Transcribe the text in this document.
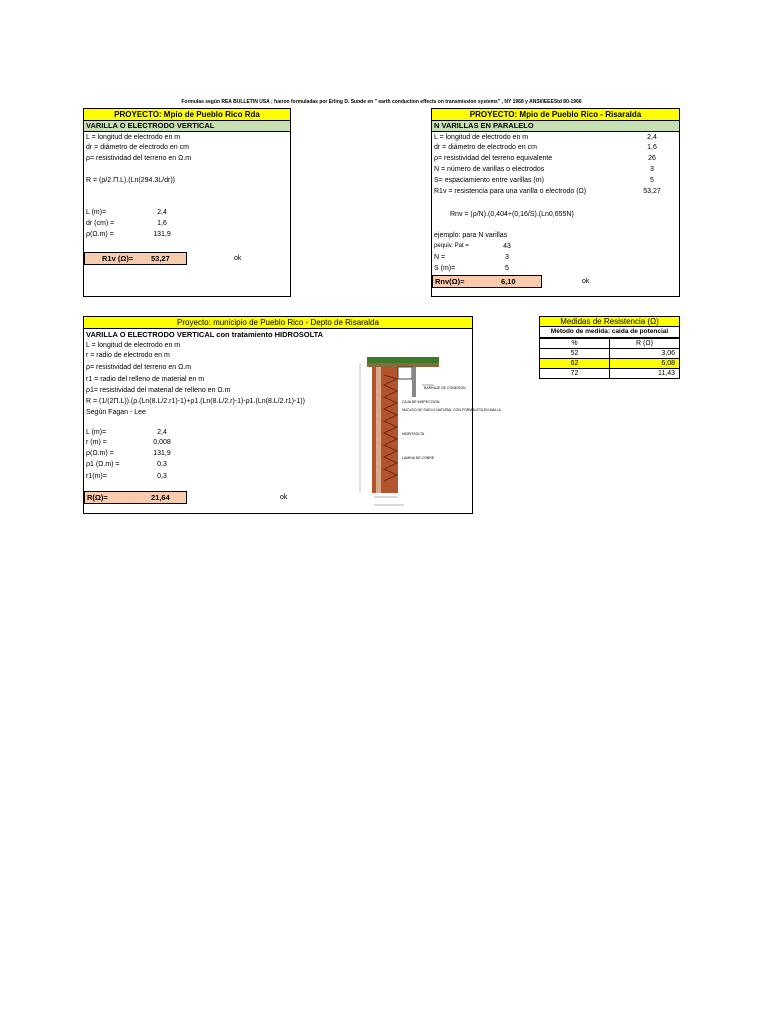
Formulas según REA BULLETIN USA ; fueron formuladas por Erling D. Sunde en " earth conduction effects on transmission systems" , NY 1968 y ANSI/IEEEStd 80-1966
PROYECTO: Mpio de Pueblo Rico Rda
VARILLA O ELECTRODO VERTICAL
L = longitud de electrodo en m
dr = diámetro de electrodo en cm
ρ= resistividad del terreno en Ω.m
R = (ρ/2.Π.L).(Ln(294.3L/dr))
L (m)=	2,4
dr (cm) =	1,6
ρ(Ω.m) =	131,9
R1v (Ω)= 53,27	ok
PROYECTO: Mpio de Pueblo Rico - Risaralda
N VARILLAS EN PARALELO
L = longitud de electrodo en m	2,4
dr = diámetro de electrodo en cm	1,6
ρ= resistividad del terreno equivalente	26
N = número de varillas o electrodos	3
S= espaciamiento entre varillas (m)	5
R1v = resistencia para una varilla o electrodo (Ω)	53,27
Rnv = (ρ/N).(0,404+(0,16/S).(Ln0,655N)
ejemplo: para N varillas
ρequiv. Pat =	43
N =	3
S (m)=	5
Rnv(Ω)=	6,10	ok
Proyecto: municipio de Pueblo Rico - Depto de Risaralda
VARILLA O ELECTRODO VERTICAL con tratamiento HIDROSOLTA
L = longitud de electrodo en m
r = radio de electrodo en m
ρ= resistividad del terreno en Ω.m
r1 = radio del relleno de material en m
ρ1= resistividad del material de relleno en Ω.m
R = (1/(2Π.L)).(ρ.(Ln(8.L/2.r1)-1)+ρ1.(Ln(8.L/2.r)-1)-ρ1.(Ln(8.L/2.r1)-1))
Según Fagan - Lee
L (m)=	2,4
r (m) =	0,008
ρ(Ω.m) =	131,9
ρ1 (Ω.m) =	0,3
r1(m)=	0,3
R(Ω)=	21,64	ok
BARRAJE DE CONEXION
CAJA DE INSPECCION
NUCLEO DE SUELO NATURAL CON FORMALETA EN MALLA
HIDROSOLTA
LAMINA DE COBRE
Medidas de Resistencia (Ω)
Método de medida: caida de potencial
%	R (Ω)
52	3,06
62	6,08
72	11,43
